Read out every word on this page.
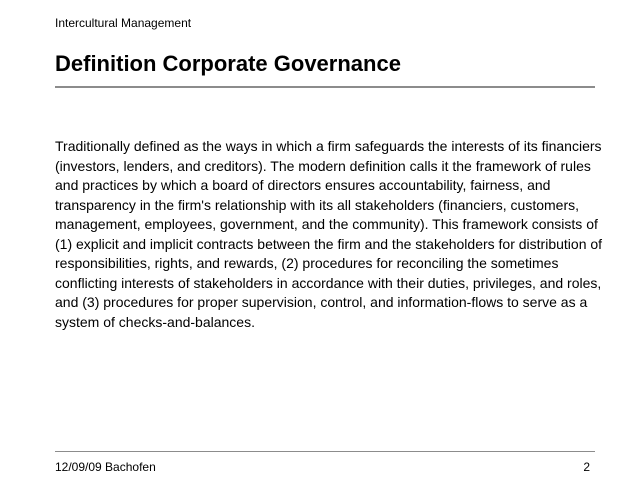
Intercultural Management
Definition Corporate Governance
Traditionally defined as the ways in which a firm safeguards the interests of its financiers
(investors, lenders, and creditors). The modern definition calls it the framework of rules
and practices by which a board of directors ensures accountability, fairness, and
transparency in the firm's relationship with its all stakeholders (financiers, customers,
management, employees, government, and the community). This framework consists of
(1) explicit and implicit contracts between the firm and the stakeholders for distribution of
responsibilities, rights, and rewards, (2) procedures for reconciling the sometimes
conflicting interests of stakeholders in accordance with their duties, privileges, and roles,
and (3) procedures for proper supervision, control, and information-flows to serve as a
system of checks-and-balances.
12/09/09 Bachofen	2
